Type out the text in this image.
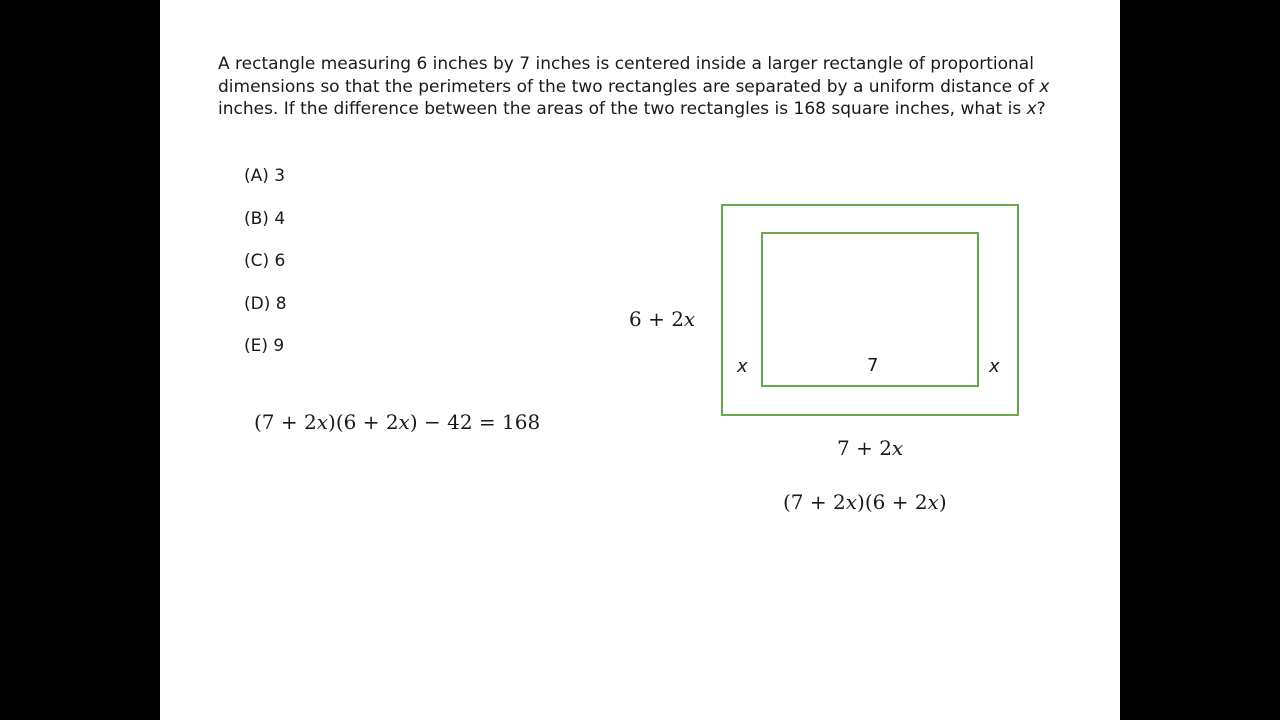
A rectangle measuring 6 inches by 7 inches is centered inside a larger rectangle of proportional dimensions so that the perimeters of the two rectangles are separated by a uniform distance of x inches. If the difference between the areas of the two rectangles is 168 square inches, what is x?

(A) 3
(B) 4
(C) 6
(D) 8
(E) 9
(7 + 2x)(6 + 2x) − 42 = 168
6 + 2x
x	7	x
7 + 2x
(7 + 2x)(6 + 2x)
